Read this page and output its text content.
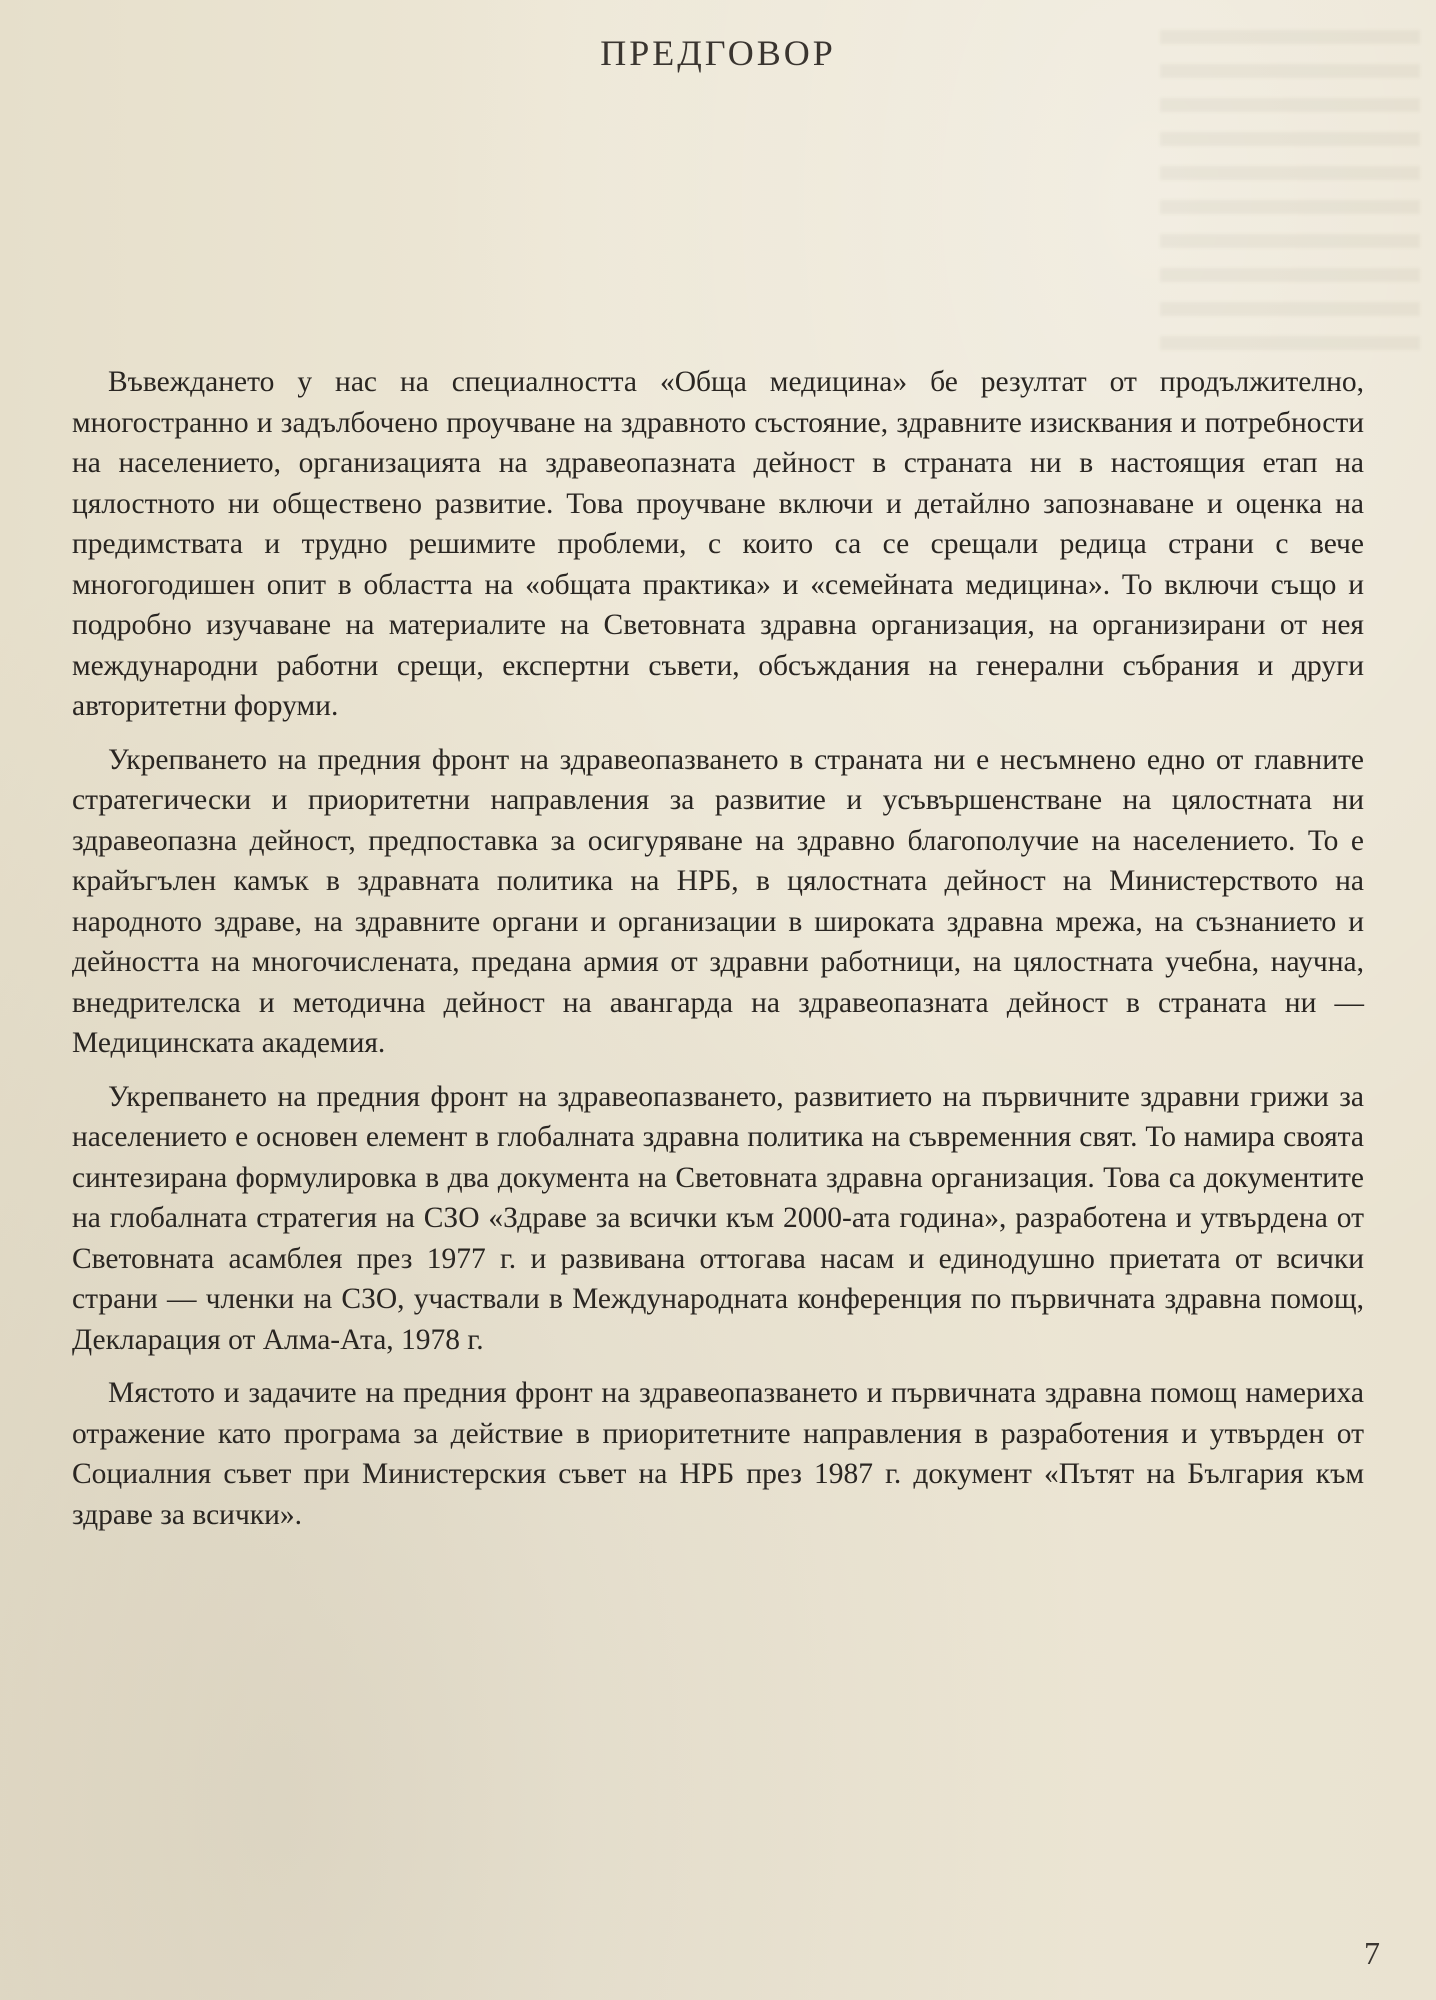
ПРЕДГОВОР

Въвеждането у нас на специалността «Обща медицина» бе резултат от продължително, многостранно и задълбочено проучване на здравното състояние, здравните изисквания и потребности на населението, организацията на здравеопазната дейност в страната ни в настоящия етап на цялостното ни обществено развитие. Това проучване включи и детайлно запознаване и оценка на предимствата и трудно решимите проблеми, с които са се срещали редица страни с вече многогодишен опит в областта на «общата практика» и «семейната медицина». То включи също и подробно изучаване на материалите на Световната здравна организация, на организирани от нея международни работни срещи, експертни съвети, обсъждания на генерални събрания и други авторитетни форуми.

Укрепването на предния фронт на здравеопазването в страната ни е несъмнено едно от главните стратегически и приоритетни направления за развитие и усъвършенстване на цялостната ни здравеопазна дейност, предпоставка за осигуряване на здравно благополучие на населението. То е крайъгълен камък в здравната политика на НРБ, в цялостната дейност на Министерството на народното здраве, на здравните органи и организации в широката здравна мрежа, на съзнанието и дейността на многочислената, предана армия от здравни работници, на цялостната учебна, научна, внедрителска и методична дейност на авангарда на здравеопазната дейност в страната ни — Медицинската академия.

Укрепването на предния фронт на здравеопазването, развитието на първичните здравни грижи за населението е основен елемент в глобалната здравна политика на съвременния свят. То намира своята синтезирана формулировка в два документа на Световната здравна организация. Това са документите на глобалната стратегия на СЗО «Здраве за всички към 2000-ата година», разработена и утвърдена от Световната асамблея през 1977 г. и развивана оттогава насам и единодушно приетата от всички страни — членки на СЗО, участвали в Международната конференция по първичната здравна помощ, Декларация от Алма-Ата, 1978 г.

Мястото и задачите на предния фронт на здравеопазването и първичната здравна помощ намериха отражение като програма за действие в приоритетните направления в разработения и утвърден от Социалния съвет при Министерския съвет на НРБ през 1987 г. документ «Пътят на България към здраве за всички».

7
